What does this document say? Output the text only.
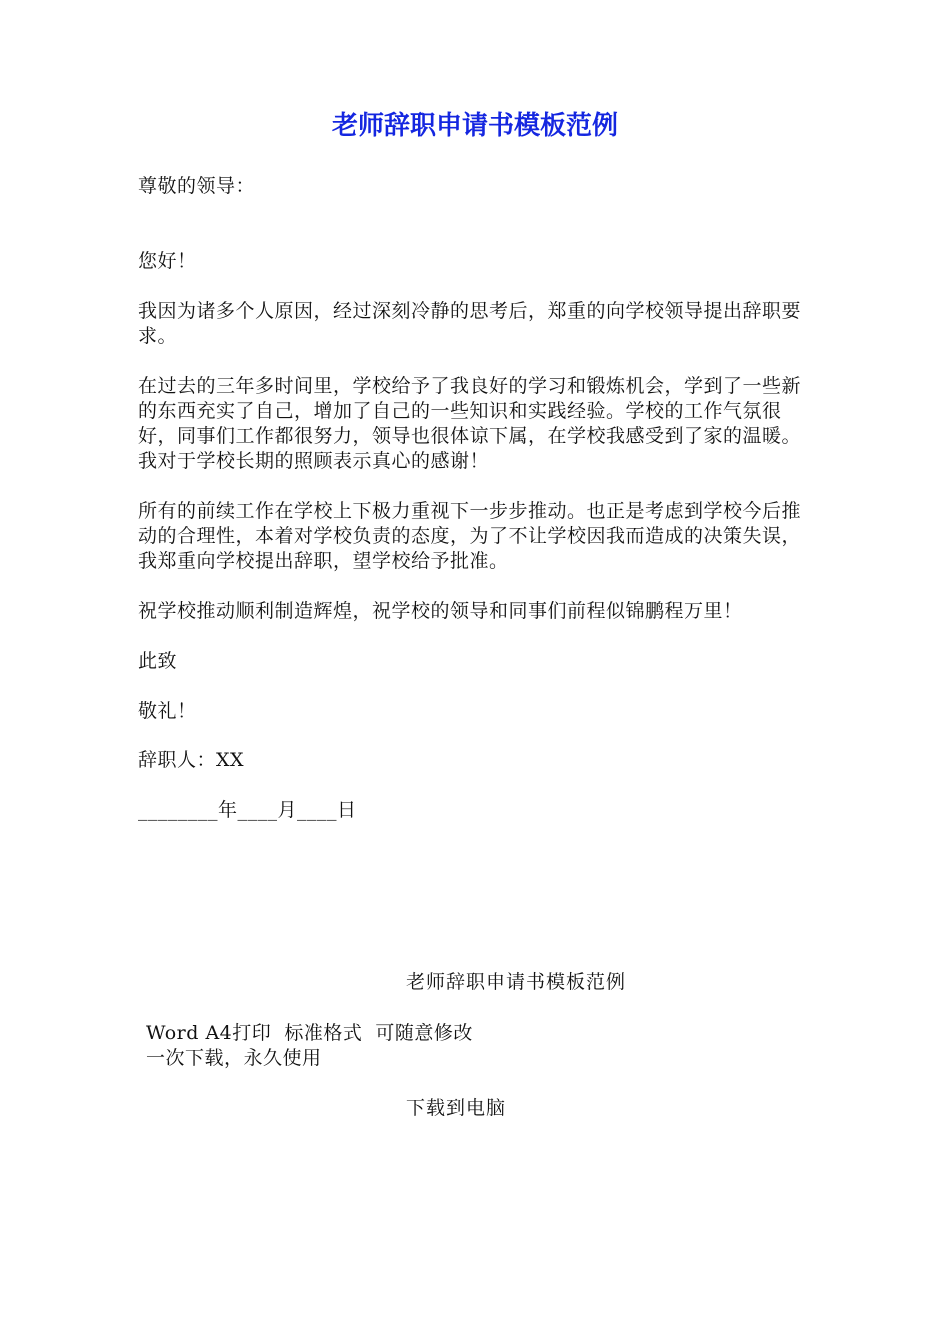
老师辞职申请书模板范例

尊敬的领导：

您好！

我因为诸多个人原因，经过深刻冷静的思考后，郑重的向学校领导提出辞职要求。

在过去的三年多时间里，学校给予了我良好的学习和锻炼机会，学到了一些新的东西充实了自己，增加了自己的一些知识和实践经验。学校的工作气氛很好，同事们工作都很努力，领导也很体谅下属，在学校我感受到了家的温暖。我对于学校长期的照顾表示真心的感谢！

所有的前续工作在学校上下极力重视下一步步推动。也正是考虑到学校今后推动的合理性，本着对学校负责的态度，为了不让学校因我而造成的决策失误，我郑重向学校提出辞职，望学校给予批准。

祝学校推动顺利制造辉煌，祝学校的领导和同事们前程似锦鹏程万里！

此致

敬礼！

辞职人：XX

________年____月____日

老师辞职申请书模板范例
Word A4打印  标准格式  可随意修改
一次下载，永久使用
下载到电脑
